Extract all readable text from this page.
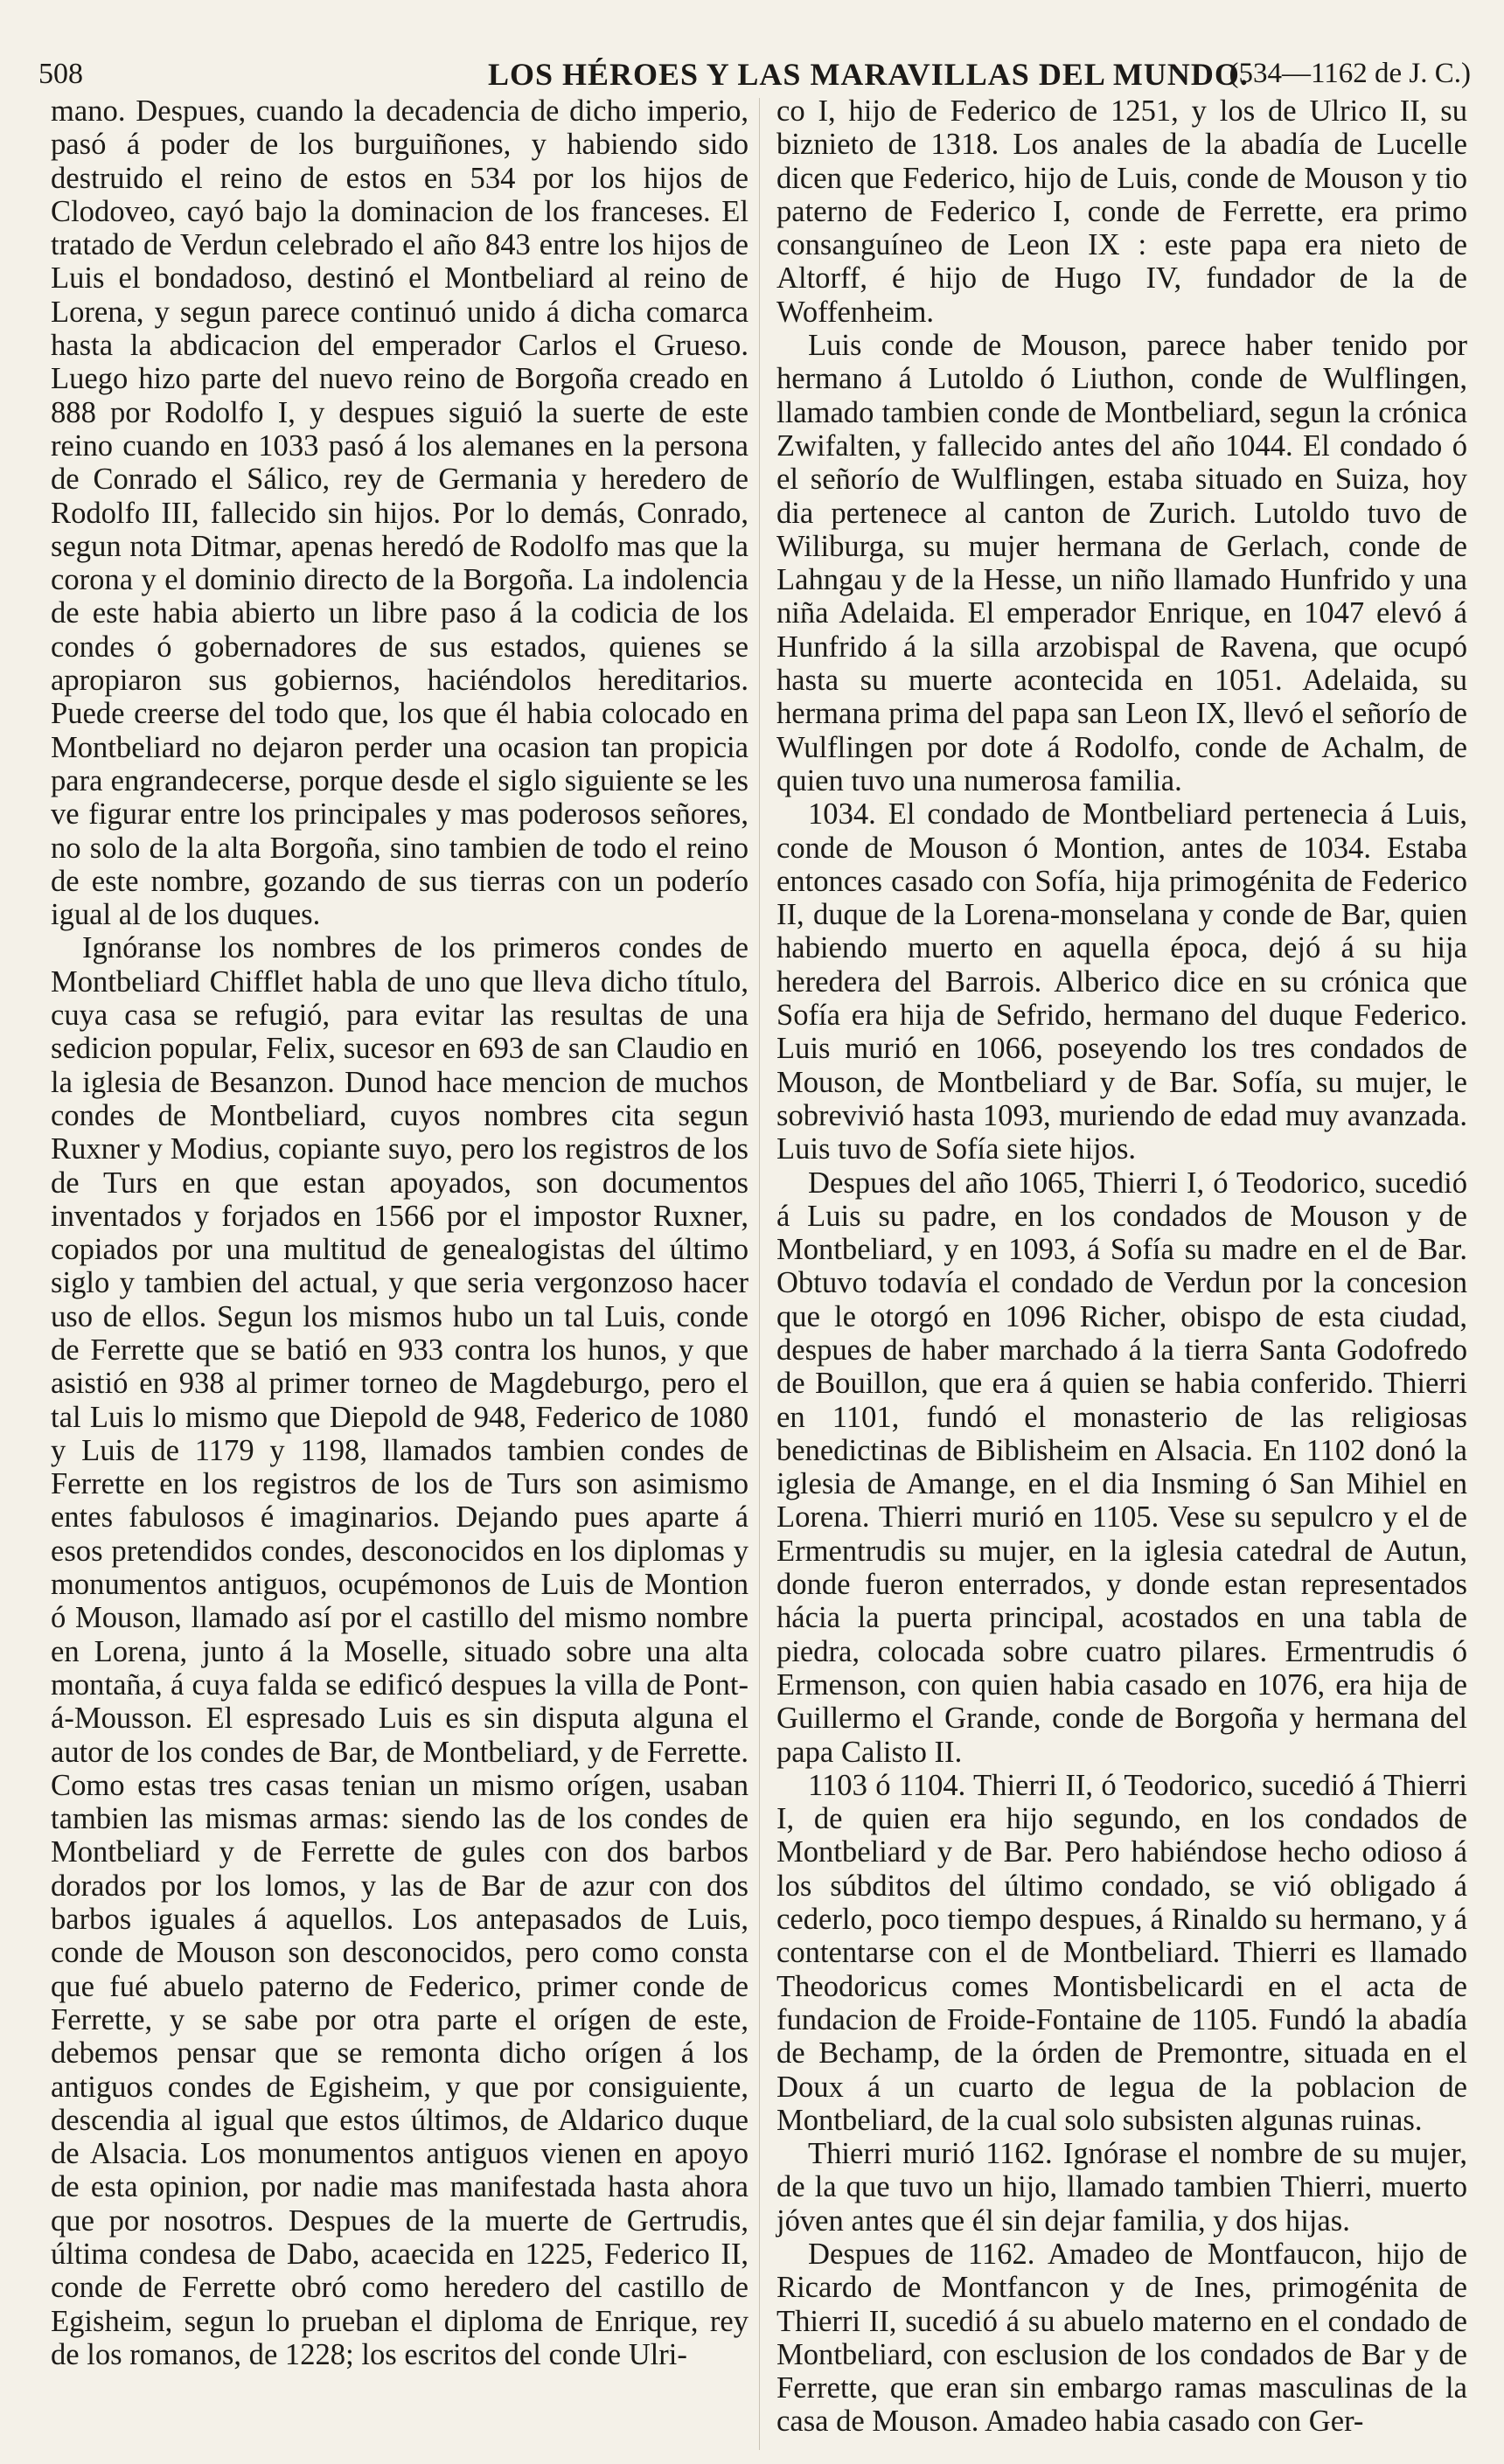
508	LOS HÉROES Y LAS MARAVILLAS DEL MUNDO.
(534—1162 de J. C.)

mano. Despues, cuando la decadencia de dicho imperio, pasó á poder de los burguiñones, y habiendo sido destruido el reino de estos en 534 por los hijos de Clodoveo, cayó bajo la dominacion de los franceses. El tratado de Verdun celebrado el año 843 entre los hijos de Luis el bondadoso, destinó el Montbeliard al reino de Lorena, y segun parece continuó unido á dicha comarca hasta la abdicacion del emperador Carlos el Grueso. Luego hizo parte del nuevo reino de Borgoña creado en 888 por Rodolfo I, y despues siguió la suerte de este reino cuando en 1033 pasó á los alemanes en la persona de Conrado el Sálico, rey de Germania y heredero de Rodolfo III, fallecido sin hijos. Por lo demás, Conrado, segun nota Ditmar, apenas heredó de Rodolfo mas que la corona y el dominio directo de la Borgoña. La indolencia de este habia abierto un libre paso á la codicia de los condes ó gobernadores de sus estados, quienes se apropiaron sus gobiernos, haciéndolos hereditarios. Puede creerse del todo que, los que él habia colocado en Montbeliard no dejaron perder una ocasion tan propicia para engrandecerse, porque desde el siglo siguiente se les ve figurar entre los principales y mas poderosos señores, no solo de la alta Borgoña, sino tambien de todo el reino de este nombre, gozando de sus tierras con un poderío igual al de los duques.

Ignóranse los nombres de los primeros condes de Montbeliard Chifflet habla de uno que lleva dicho título, cuya casa se refugió, para evitar las resultas de una sedicion popular, Felix, sucesor en 693 de san Claudio en la iglesia de Besanzon. Dunod hace mencion de muchos condes de Montbeliard, cuyos nombres cita segun Ruxner y Modius, copiante suyo, pero los registros de los de Turs en que estan apoyados, son documentos inventados y forjados en 1566 por el impostor Ruxner, copiados por una multitud de genealogistas del último siglo y tambien del actual, y que seria vergonzoso hacer uso de ellos. Segun los mismos hubo un tal Luis, conde de Ferrette que se batió en 933 contra los hunos, y que asistió en 938 al primer torneo de Magdeburgo, pero el tal Luis lo mismo que Diepold de 948, Federico de 1080 y Luis de 1179 y 1198, llamados tambien condes de Ferrette en los registros de los de Turs son asimismo entes fabulosos é imaginarios. Dejando pues aparte á esos pretendidos condes, desconocidos en los diplomas y monumentos antiguos, ocupémonos de Luis de Montion ó Mouson, llamado así por el castillo del mismo nombre en Lorena, junto á la Moselle, situado sobre una alta montaña, á cuya falda se edificó despues la villa de Pont-á-Mousson. El espresado Luis es sin disputa alguna el autor de los condes de Bar, de Montbeliard, y de Ferrette. Como estas tres casas tenian un mismo orígen, usaban tambien las mismas armas: siendo las de los condes de Montbeliard y de Ferrette de gules con dos barbos dorados por los lomos, y las de Bar de azur con dos barbos iguales á aquellos. Los antepasados de Luis, conde de Mouson son desconocidos, pero como consta que fué abuelo paterno de Federico, primer conde de Ferrette, y se sabe por otra parte el orígen de este, debemos pensar que se remonta dicho orígen á los antiguos condes de Egisheim, y que por consiguiente, descendia al igual que estos últimos, de Aldarico duque de Alsacia. Los monumentos antiguos vienen en apoyo de esta opinion, por nadie mas manifestada hasta ahora que por nosotros. Despues de la muerte de Gertrudis, última condesa de Dabo, acaecida en 1225, Federico II, conde de Ferrette obró como heredero del castillo de Egisheim, segun lo prueban el diploma de Enrique, rey de los romanos, de 1228; los escritos del conde Ulri-

co I, hijo de Federico de 1251, y los de Ulrico II, su biznieto de 1318. Los anales de la abadía de Lucelle dicen que Federico, hijo de Luis, conde de Mouson y tio paterno de Federico I, conde de Ferrette, era primo consanguíneo de Leon IX : este papa era nieto de Altorff, é hijo de Hugo IV, fundador de la de Woffenheim.

Luis conde de Mouson, parece haber tenido por hermano á Lutoldo ó Liuthon, conde de Wulflingen, llamado tambien conde de Montbeliard, segun la crónica Zwifalten, y fallecido antes del año 1044. El condado ó el señorío de Wulflingen, estaba situado en Suiza, hoy dia pertenece al canton de Zurich. Lutoldo tuvo de Wiliburga, su mujer hermana de Gerlach, conde de Lahngau y de la Hesse, un niño llamado Hunfrido y una niña Adelaida. El emperador Enrique, en 1047 elevó á Hunfrido á la silla arzobispal de Ravena, que ocupó hasta su muerte acontecida en 1051. Adelaida, su hermana prima del papa san Leon IX, llevó el señorío de Wulflingen por dote á Rodolfo, conde de Achalm, de quien tuvo una numerosa familia.

1034. El condado de Montbeliard pertenecia á Luis, conde de Mouson ó Montion, antes de 1034. Estaba entonces casado con Sofía, hija primogénita de Federico II, duque de la Lorena-monselana y conde de Bar, quien habiendo muerto en aquella época, dejó á su hija heredera del Barrois. Alberico dice en su crónica que Sofía era hija de Sefrido, hermano del duque Federico. Luis murió en 1066, poseyendo los tres condados de Mouson, de Montbeliard y de Bar. Sofía, su mujer, le sobrevivió hasta 1093, muriendo de edad muy avanzada. Luis tuvo de Sofía siete hijos.

Despues del año 1065, Thierri I, ó Teodorico, sucedió á Luis su padre, en los condados de Mouson y de Montbeliard, y en 1093, á Sofía su madre en el de Bar. Obtuvo todavía el condado de Verdun por la concesion que le otorgó en 1096 Richer, obispo de esta ciudad, despues de haber marchado á la tierra Santa Godofredo de Bouillon, que era á quien se habia conferido. Thierri en 1101, fundó el monasterio de las religiosas benedictinas de Biblisheim en Alsacia. En 1102 donó la iglesia de Amange, en el dia Insming ó San Mihiel en Lorena. Thierri murió en 1105. Vese su sepulcro y el de Ermentrudis su mujer, en la iglesia catedral de Autun, donde fueron enterrados, y donde estan representados hácia la puerta principal, acostados en una tabla de piedra, colocada sobre cuatro pilares. Ermentrudis ó Ermenson, con quien habia casado en 1076, era hija de Guillermo el Grande, conde de Borgoña y hermana del papa Calisto II.

1103 ó 1104. Thierri II, ó Teodorico, sucedió á Thierri I, de quien era hijo segundo, en los condados de Montbeliard y de Bar. Pero habiéndose hecho odioso á los súbditos del último condado, se vió obligado á cederlo, poco tiempo despues, á Rinaldo su hermano, y á contentarse con el de Montbeliard. Thierri es llamado Theodoricus comes Montisbelicardi en el acta de fundacion de Froide-Fontaine de 1105. Fundó la abadía de Bechamp, de la órden de Premontre, situada en el Doux á un cuarto de legua de la poblacion de Montbeliard, de la cual solo subsisten algunas ruinas.

Thierri murió 1162. Ignórase el nombre de su mujer, de la que tuvo un hijo, llamado tambien Thierri, muerto jóven antes que él sin dejar familia, y dos hijas.

Despues de 1162. Amadeo de Montfaucon, hijo de Ricardo de Montfancon y de Ines, primogénita de Thierri II, sucedió á su abuelo materno en el condado de Montbeliard, con esclusion de los condados de Bar y de Ferrette, que eran sin embargo ramas masculinas de la casa de Mouson. Amadeo habia casado con Ger-
